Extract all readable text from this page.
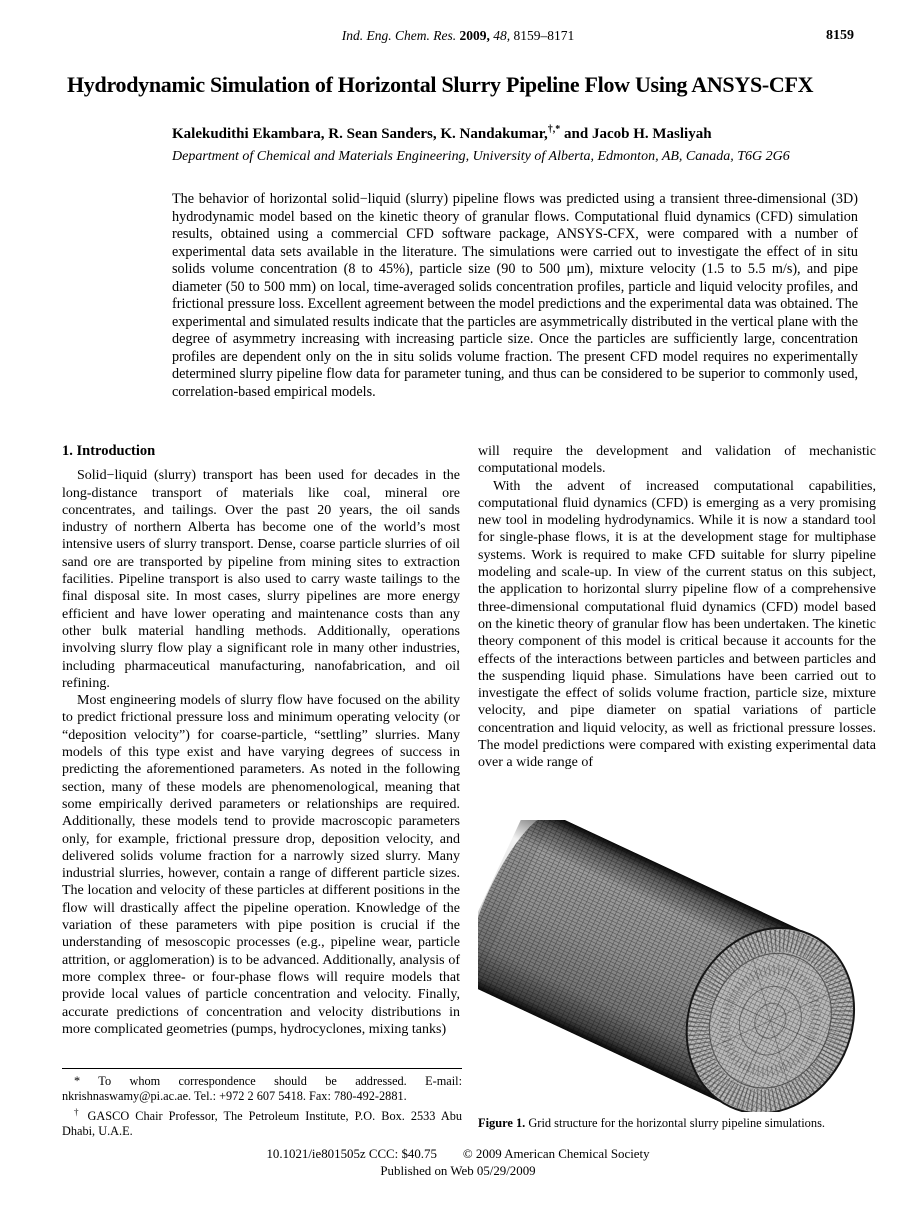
Ind. Eng. Chem. Res. 2009, 48, 8159–8171	8159
Hydrodynamic Simulation of Horizontal Slurry Pipeline Flow Using ANSYS-CFX
Kalekudithi Ekambara, R. Sean Sanders, K. Nandakumar,†,* and Jacob H. Masliyah
Department of Chemical and Materials Engineering, University of Alberta, Edmonton, AB, Canada, T6G 2G6
The behavior of horizontal solid−liquid (slurry) pipeline flows was predicted using a transient three-dimensional (3D) hydrodynamic model based on the kinetic theory of granular flows. Computational fluid dynamics (CFD) simulation results, obtained using a commercial CFD software package, ANSYS-CFX, were compared with a number of experimental data sets available in the literature. The simulations were carried out to investigate the effect of in situ solids volume concentration (8 to 45%), particle size (90 to 500 μm), mixture velocity (1.5 to 5.5 m/s), and pipe diameter (50 to 500 mm) on local, time-averaged solids concentration profiles, particle and liquid velocity profiles, and frictional pressure loss. Excellent agreement between the model predictions and the experimental data was obtained. The experimental and simulated results indicate that the particles are asymmetrically distributed in the vertical plane with the degree of asymmetry increasing with increasing particle size. Once the particles are sufficiently large, concentration profiles are dependent only on the in situ solids volume fraction. The present CFD model requires no experimentally determined slurry pipeline flow data for parameter tuning, and thus can be considered to be superior to commonly used, correlation-based empirical models.
1. Introduction

Solid−liquid (slurry) transport has been used for decades in the long-distance transport of materials like coal, mineral ore concentrates, and tailings. Over the past 20 years, the oil sands industry of northern Alberta has become one of the world’s most intensive users of slurry transport. Dense, coarse particle slurries of oil sand ore are transported by pipeline from mining sites to extraction facilities. Pipeline transport is also used to carry waste tailings to the final disposal site. In most cases, slurry pipelines are more energy efficient and have lower operating and maintenance costs than any other bulk material handling methods. Additionally, operations involving slurry flow play a significant role in many other industries, including pharmaceutical manufacturing, nanofabrication, and oil refining.

Most engineering models of slurry flow have focused on the ability to predict frictional pressure loss and minimum operating velocity (or “deposition velocity”) for coarse-particle, “settling” slurries. Many models of this type exist and have varying degrees of success in predicting the aforementioned parameters. As noted in the following section, many of these models are phenomenological, meaning that some empirically derived parameters or relationships are required. Additionally, these models tend to provide macroscopic parameters only, for example, frictional pressure drop, deposition velocity, and delivered solids volume fraction for a narrowly sized slurry. Many industrial slurries, however, contain a range of different particle sizes. The location and velocity of these particles at different positions in the flow will drastically affect the pipeline operation. Knowledge of the variation of these parameters with pipe position is crucial if the understanding of mesoscopic processes (e.g., pipeline wear, particle attrition, or agglomeration) is to be advanced. Additionally, analysis of more complex three- or four-phase flows will require models that provide local values of particle concentration and velocity. Finally, accurate predictions of concentration and velocity distributions in more complicated geometries (pumps, hydrocyclones, mixing tanks)

will require the development and validation of mechanistic computational models.

With the advent of increased computational capabilities, computational fluid dynamics (CFD) is emerging as a very promising new tool in modeling hydrodynamics. While it is now a standard tool for single-phase flows, it is at the development stage for multiphase systems. Work is required to make CFD suitable for slurry pipeline modeling and scale-up. In view of the current status on this subject, the application to horizontal slurry pipeline flow of a comprehensive three-dimensional computational fluid dynamics (CFD) model based on the kinetic theory of granular flow has been undertaken. The kinetic theory component of this model is critical because it accounts for the effects of the interactions between particles and between particles and the suspending liquid phase. Simulations have been carried out to investigate the effect of solids volume fraction, particle size, mixture velocity, and pipe diameter on spatial variations of particle concentration and liquid velocity, as well as frictional pressure losses. The model predictions were compared with existing experimental data over a wide range of

Figure 1. Grid structure for the horizontal slurry pipeline simulations.
* To whom correspondence should be addressed. E-mail: nkrishnaswamy@pi.ac.ae. Tel.: +972 2 607 5418. Fax: 780-492-2881.
† GASCO Chair Professor, The Petroleum Institute, P.O. Box. 2533 Abu Dhabi, U.A.E.
10.1021/ie801505z CCC: $40.75 © 2009 American Chemical Society
Published on Web 05/29/2009
